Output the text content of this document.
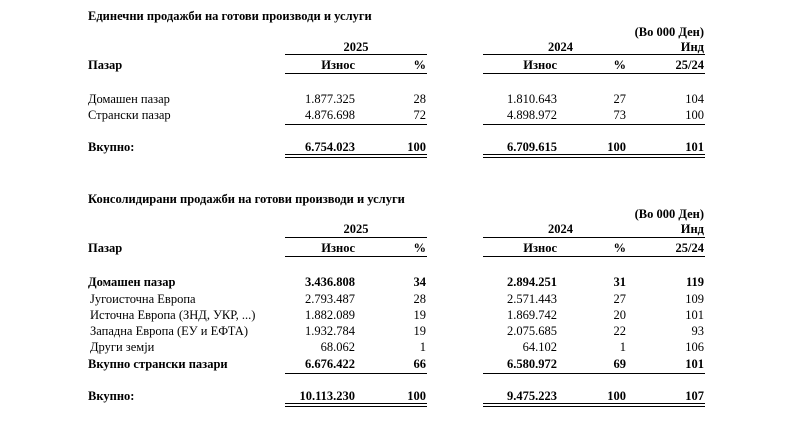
Единечни продажби на готови производи и услуги
(Во 000 Ден)
2025	2024	Инд
Пазар	Износ	%	Износ	%	25/24
Домашен пазар	1.877.325	28	1.810.643	27	104
Странски пазар	4.876.698	72	4.898.972	73	100
Вкупно:	6.754.023	100	6.709.615	100	101
Консолидирани продажби на готови производи и услуги
(Во 000 Ден)
2025	2024	Инд
Пазар	Износ	%	Износ	%	25/24
Домашен пазар	3.436.808	34	2.894.251	31	119
Југоисточна Европа	2.793.487	28	2.571.443	27	109
Источна Европа (ЗНД, УКР, ...)	1.882.089	19	1.869.742	20	101
Западна Европа (ЕУ и ЕФТА)	1.932.784	19	2.075.685	22	93
Други земји	68.062	1	64.102	1	106
Вкупно странски пазари	6.676.422	66	6.580.972	69	101
Вкупно:	10.113.230	100	9.475.223	100	107
